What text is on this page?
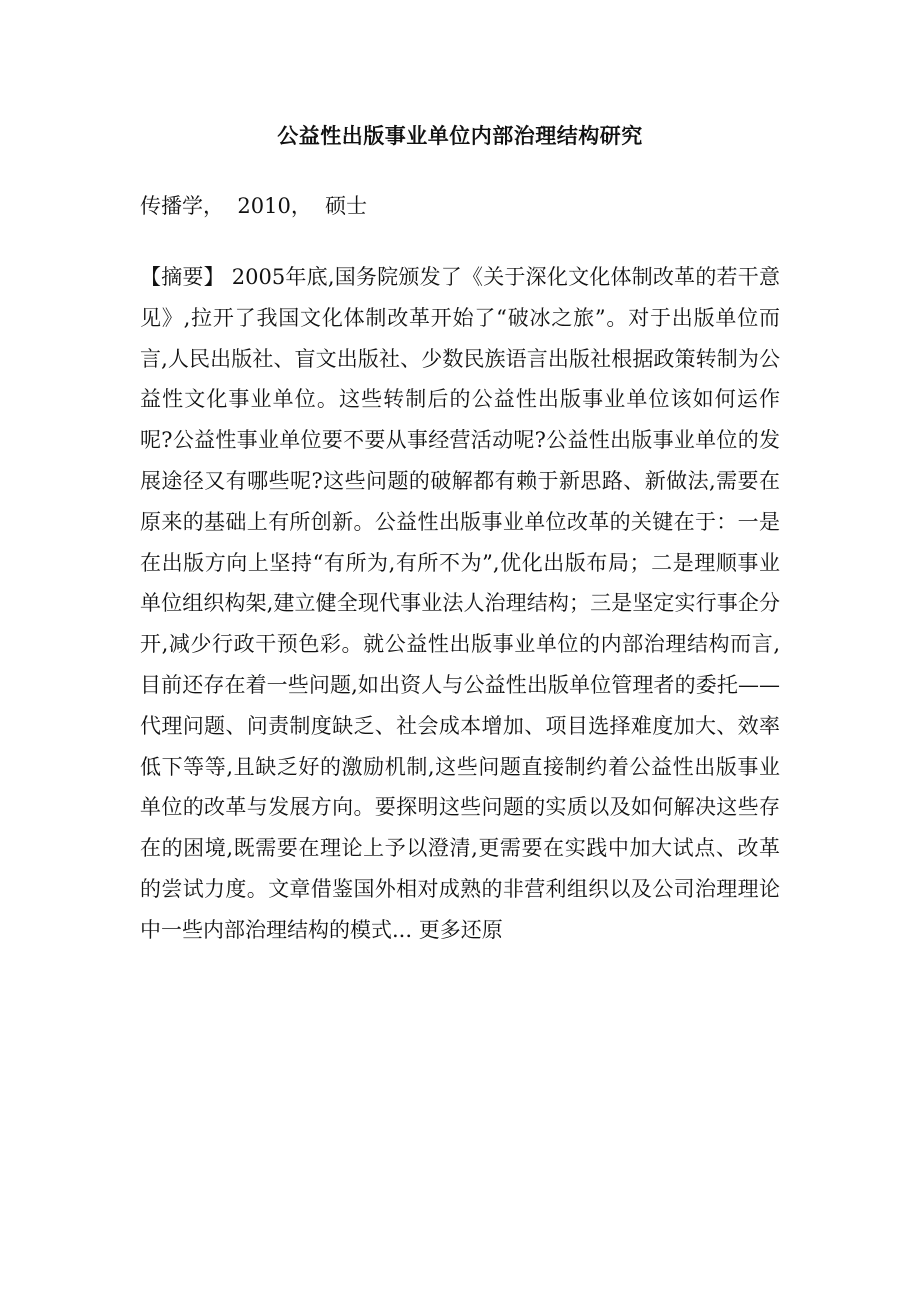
公益性出版事业单位内部治理结构研究
传播学， 2010， 硕士

【摘要】 2005年底,国务院颁发了《关于深化文化体制改革的若干意见》,拉开了我国文化体制改革开始了“破冰之旅”。对于出版单位而言,人民出版社、盲文出版社、少数民族语言出版社根据政策转制为公益性文化事业单位。这些转制后的公益性出版事业单位该如何运作呢?公益性事业单位要不要从事经营活动呢?公益性出版事业单位的发展途径又有哪些呢?这些问题的破解都有赖于新思路、新做法,需要在原来的基础上有所创新。公益性出版事业单位改革的关键在于：一是在出版方向上坚持“有所为,有所不为”,优化出版布局；二是理顺事业单位组织构架,建立健全现代事业法人治理结构；三是坚定实行事企分开,减少行政干预色彩。就公益性出版事业单位的内部治理结构而言,目前还存在着一些问题,如出资人与公益性出版单位管理者的委托——代理问题、问责制度缺乏、社会成本增加、项目选择难度加大、效率低下等等,且缺乏好的激励机制,这些问题直接制约着公益性出版事业单位的改革与发展方向。要探明这些问题的实质以及如何解决这些存在的困境,既需要在理论上予以澄清,更需要在实践中加大试点、改革的尝试力度。文章借鉴国外相对成熟的非营利组织以及公司治理理论中一些内部治理结构的模式... 更多还原
